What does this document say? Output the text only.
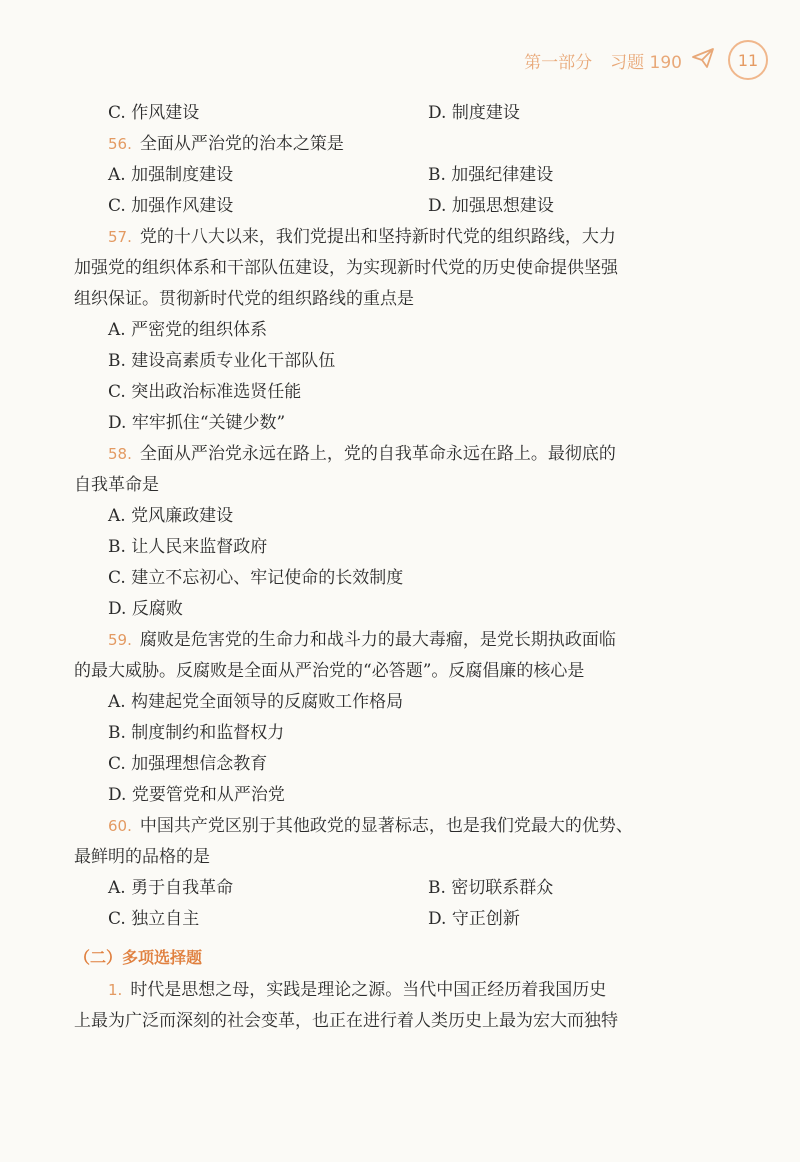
第一部分 习题 190	11
C. 作风建设	D. 制度建设
56. 全面从严治党的治本之策是
A. 加强制度建设	B. 加强纪律建设
C. 加强作风建设	D. 加强思想建设
57. 党的十八大以来，我们党提出和坚持新时代党的组织路线，大力
加强党的组织体系和干部队伍建设，为实现新时代党的历史使命提供坚强
组织保证。贯彻新时代党的组织路线的重点是
A. 严密党的组织体系
B. 建设高素质专业化干部队伍
C. 突出政治标准选贤任能
D. 牢牢抓住“关键少数”
58. 全面从严治党永远在路上，党的自我革命永远在路上。最彻底的
自我革命是
A. 党风廉政建设
B. 让人民来监督政府
C. 建立不忘初心、牢记使命的长效制度
D. 反腐败
59. 腐败是危害党的生命力和战斗力的最大毒瘤，是党长期执政面临
的最大威胁。反腐败是全面从严治党的“必答题”。反腐倡廉的核心是
A. 构建起党全面领导的反腐败工作格局
B. 制度制约和监督权力
C. 加强理想信念教育
D. 党要管党和从严治党
60. 中国共产党区别于其他政党的显著标志，也是我们党最大的优势、
最鲜明的品格的是
A. 勇于自我革命	B. 密切联系群众
C. 独立自主	D. 守正创新
（二）多项选择题
1. 时代是思想之母，实践是理论之源。当代中国正经历着我国历史
上最为广泛而深刻的社会变革，也正在进行着人类历史上最为宏大而独特
